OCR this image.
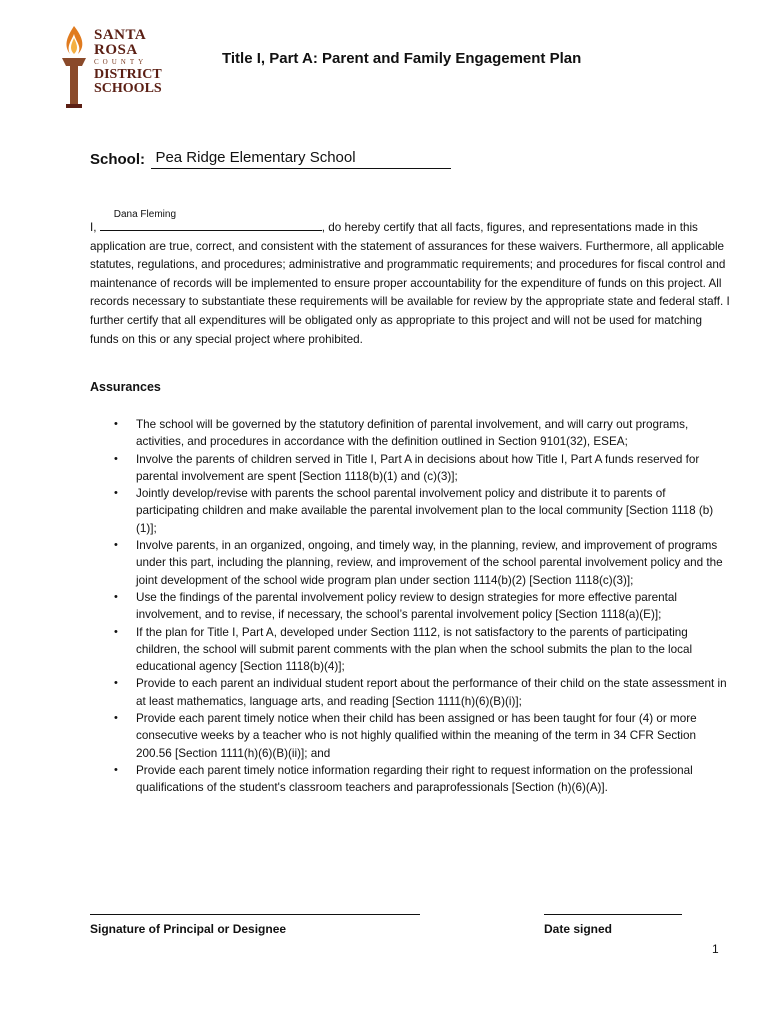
SANTA ROSA
COUNTY
DISTRICT
SCHOOLS
Title I, Part A: Parent and Family Engagement Plan
School: Pea Ridge Elementary School
I,
Dana Fleming
, do hereby certify that all facts, figures, and representations made in this application are true, correct, and consistent with the statement of assurances for these waivers. Furthermore, all applicable statutes, regulations, and procedures; administrative and programmatic requirements; and procedures for fiscal control and maintenance of records will be implemented to ensure proper accountability for the expenditure of funds on this project. All records necessary to substantiate these requirements will be available for review by the appropriate state and federal staff. I further certify that all expenditures will be obligated only as appropriate to this project and will not be used for matching funds on this or any special project where prohibited.
Assurances
• The school will be governed by the statutory definition of parental involvement, and will carry out programs, activities, and procedures in accordance with the definition outlined in Section 9101(32), ESEA;
• Involve the parents of children served in Title I, Part A in decisions about how Title I, Part A funds reserved for parental involvement are spent [Section 1118(b)(1) and (c)(3)];
• Jointly develop/revise with parents the school parental involvement policy and distribute it to parents of participating children and make available the parental involvement plan to the local community [Section 1118 (b)(1)];
• Involve parents, in an organized, ongoing, and timely way, in the planning, review, and improvement of programs under this part, including the planning, review, and improvement of the school parental involvement policy and the joint development of the school wide program plan under section 1114(b)(2) [Section 1118(c)(3)];
• Use the findings of the parental involvement policy review to design strategies for more effective parental involvement, and to revise, if necessary, the school’s parental involvement policy [Section 1118(a)(E)];
• If the plan for Title I, Part A, developed under Section 1112, is not satisfactory to the parents of participating children, the school will submit parent comments with the plan when the school submits the plan to the local educational agency [Section 1118(b)(4)];
• Provide to each parent an individual student report about the performance of their child on the state assessment in at least mathematics, language arts, and reading [Section 1111(h)(6)(B)(i)];
• Provide each parent timely notice when their child has been assigned or has been taught for four (4) or more consecutive weeks by a teacher who is not highly qualified within the meaning of the term in 34 CFR Section 200.56 [Section 1111(h)(6)(B)(ii)]; and
• Provide each parent timely notice information regarding their right to request information on the professional qualifications of the student's classroom teachers and paraprofessionals [Section (h)(6)(A)].
Signature of Principal or Designee	Date signed
1
